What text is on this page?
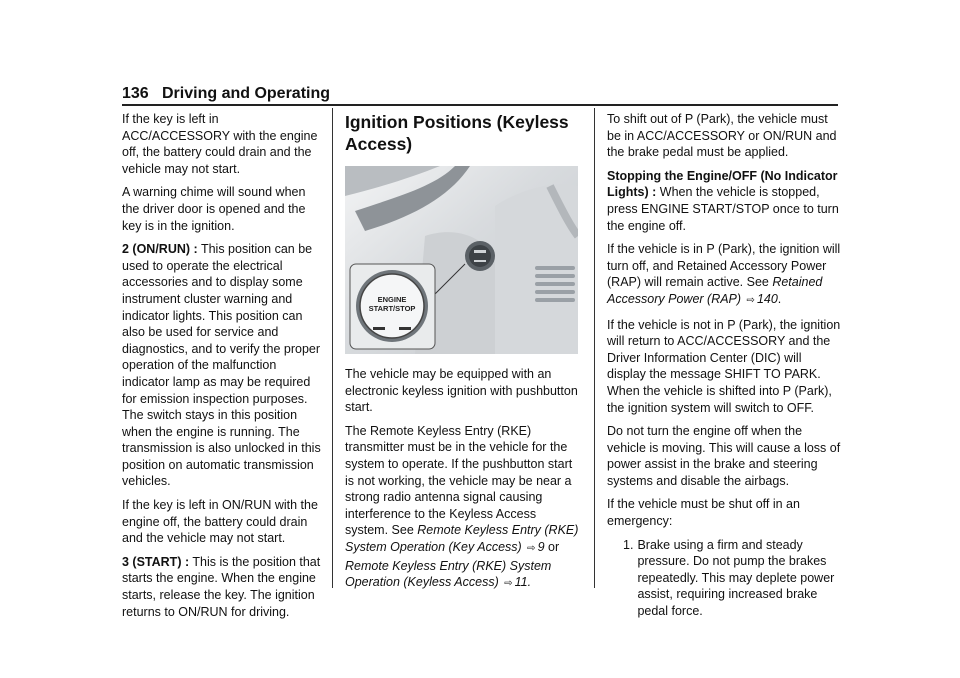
136 Driving and Operating

If the key is left in ACC/ACCESSORY with the engine off, the battery could drain and the vehicle may not start.

A warning chime will sound when the driver door is opened and the key is in the ignition.

2 (ON/RUN) : This position can be used to operate the electrical accessories and to display some instrument cluster warning and indicator lights. This position can also be used for service and diagnostics, and to verify the proper operation of the malfunction indicator lamp as may be required for emission inspection purposes. The switch stays in this position when the engine is running. The transmission is also unlocked in this position on automatic transmission vehicles.

If the key is left in ON/RUN with the engine off, the battery could drain and the vehicle may not start.

3 (START) : This is the position that starts the engine. When the engine starts, release the key. The ignition returns to ON/RUN for driving.

Ignition Positions (Keyless Access)
ENGINE
START/STOP

The vehicle may be equipped with an electronic keyless ignition with pushbutton start.

The Remote Keyless Entry (RKE) transmitter must be in the vehicle for the system to operate. If the pushbutton start is not working, the vehicle may be near a strong radio antenna signal causing interference to the Keyless Access system. See Remote Keyless Entry (RKE) System Operation (Key Access) ⇨ 9 or
Remote Keyless Entry (RKE) System Operation (Keyless Access) ⇨ 11.

To shift out of P (Park), the vehicle must be in ACC/ACCESSORY or ON/RUN and the brake pedal must be applied.

Stopping the Engine/OFF (No Indicator Lights) : When the vehicle is stopped, press ENGINE START/STOP once to turn the engine off.

If the vehicle is in P (Park), the ignition will turn off, and Retained Accessory Power (RAP) will remain active. See Retained Accessory Power (RAP) ⇨ 140.

If the vehicle is not in P (Park), the ignition will return to ACC/ACCESSORY and the Driver Information Center (DIC) will display the message SHIFT TO PARK. When the vehicle is shifted into P (Park), the ignition system will switch to OFF.

Do not turn the engine off when the vehicle is moving. This will cause a loss of power assist in the brake and steering systems and disable the airbags.

If the vehicle must be shut off in an emergency:

1. Brake using a firm and steady pressure. Do not pump the brakes repeatedly. This may deplete power assist, requiring increased brake pedal force.
